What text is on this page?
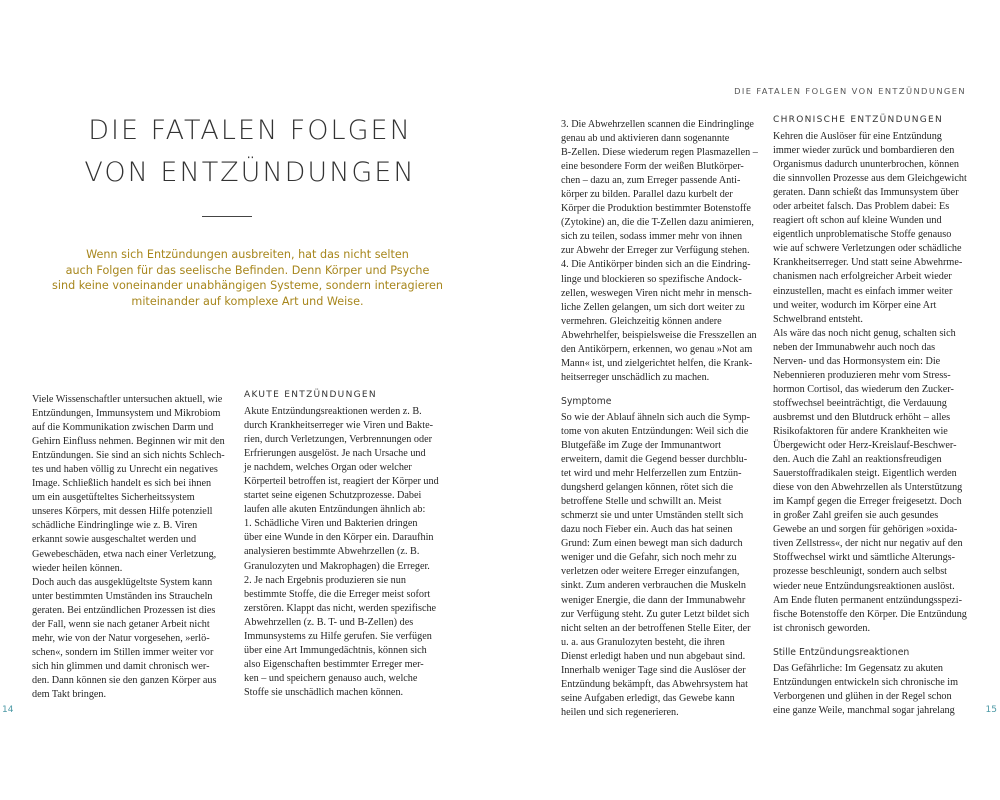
DIE FATALEN FOLGEN VON ENTZÜNDUNGEN
DIE FATALEN FOLGEN
VON ENTZÜNDUNGEN

Wenn sich Entzündungen ausbreiten, hat das nicht selten
auch Folgen für das seelische Befinden. Denn Körper und Psyche
sind keine voneinander unabhängigen Systeme, sondern interagieren
miteinander auf komplexe Art und Weise.

Viele Wissenschaftler untersuchen aktuell, wie
Entzündungen, Immunsystem und Mikrobiom
auf die Kommunikation zwischen Darm und
Gehirn Einfluss nehmen. Beginnen wir mit den
Entzündungen. Sie sind an sich nichts Schlech-
tes und haben völlig zu Unrecht ein negatives
Image. Schließlich handelt es sich bei ihnen
um ein ausgetüfteltes Sicherheitssystem
unseres Körpers, mit dessen Hilfe potenziell
schädliche Eindringlinge wie z. B. Viren
erkannt sowie ausgeschaltet werden und
Gewebeschäden, etwa nach einer Verletzung,
wieder heilen können.
Doch auch das ausgeklügeltste System kann
unter bestimmten Umständen ins Straucheln
geraten. Bei entzündlichen Prozessen ist dies
der Fall, wenn sie nach getaner Arbeit nicht
mehr, wie von der Natur vorgesehen, »erlö-
schen«, sondern im Stillen immer weiter vor
sich hin glimmen und damit chronisch wer-
den. Dann können sie den ganzen Körper aus
dem Takt bringen.

AKUTE ENTZÜNDUNGEN

Akute Entzündungsreaktionen werden z. B.
durch Krankheitserreger wie Viren und Bakte-
rien, durch Verletzungen, Verbrennungen oder
Erfrierungen ausgelöst. Je nach Ursache und
je nachdem, welches Organ oder welcher
Körperteil betroffen ist, reagiert der Körper und
startet seine eigenen Schutzprozesse. Dabei
laufen alle akuten Entzündungen ähnlich ab:
1. Schädliche Viren und Bakterien dringen
über eine Wunde in den Körper ein. Daraufhin
analysieren bestimmte Abwehrzellen (z. B.
Granulozyten und Makrophagen) die Erreger.
2. Je nach Ergebnis produzieren sie nun
bestimmte Stoffe, die die Erreger meist sofort
zerstören. Klappt das nicht, werden spezifische
Abwehrzellen (z. B. T- und B-Zellen) des
Immunsystems zu Hilfe gerufen. Sie verfügen
über eine Art Immungedächtnis, können sich
also Eigenschaften bestimmter Erreger mer-
ken – und speichern genauso auch, welche
Stoffe sie unschädlich machen können.

3. Die Abwehrzellen scannen die Eindringlinge
genau ab und aktivieren dann sogenannte
B-Zellen. Diese wiederum regen Plasmazellen –
eine besondere Form der weißen Blutkörper-
chen – dazu an, zum Erreger passende Anti-
körper zu bilden. Parallel dazu kurbelt der
Körper die Produktion bestimmter Botenstoffe
(Zytokine) an, die die T-Zellen dazu animieren,
sich zu teilen, sodass immer mehr von ihnen
zur Abwehr der Erreger zur Verfügung stehen.
4. Die Antikörper binden sich an die Eindring-
linge und blockieren so spezifische Andock-
zellen, weswegen Viren nicht mehr in mensch-
liche Zellen gelangen, um sich dort weiter zu
vermehren. Gleichzeitig können andere
Abwehrhelfer, beispielsweise die Fresszellen an
den Antikörpern, erkennen, wo genau »Not am
Mann« ist, und zielgerichtet helfen, die Krank-
heitserreger unschädlich zu machen.

Symptome

So wie der Ablauf ähneln sich auch die Symp-
tome von akuten Entzündungen: Weil sich die
Blutgefäße im Zuge der Immunantwort
erweitern, damit die Gegend besser durchblu-
tet wird und mehr Helferzellen zum Entzün-
dungsherd gelangen können, rötet sich die
betroffene Stelle und schwillt an. Meist
schmerzt sie und unter Umständen stellt sich
dazu noch Fieber ein. Auch das hat seinen
Grund: Zum einen bewegt man sich dadurch
weniger und die Gefahr, sich noch mehr zu
verletzen oder weitere Erreger einzufangen,
sinkt. Zum anderen verbrauchen die Muskeln
weniger Energie, die dann der Immunabwehr
zur Verfügung steht. Zu guter Letzt bildet sich
nicht selten an der betroffenen Stelle Eiter, der
u. a. aus Granulozyten besteht, die ihren
Dienst erledigt haben und nun abgebaut sind.
Innerhalb weniger Tage sind die Auslöser der
Entzündung bekämpft, das Abwehrsystem hat
seine Aufgaben erledigt, das Gewebe kann
heilen und sich regenerieren.

CHRONISCHE ENTZÜNDUNGEN

Kehren die Auslöser für eine Entzündung
immer wieder zurück und bombardieren den
Organismus dadurch ununterbrochen, können
die sinnvollen Prozesse aus dem Gleichgewicht
geraten. Dann schießt das Immunsystem über
oder arbeitet falsch. Das Problem dabei: Es
reagiert oft schon auf kleine Wunden und
eigentlich unproblematische Stoffe genauso
wie auf schwere Verletzungen oder schädliche
Krankheitserreger. Und statt seine Abwehrme-
chanismen nach erfolgreicher Arbeit wieder
einzustellen, macht es einfach immer weiter
und weiter, wodurch im Körper eine Art
Schwelbrand entsteht.
Als wäre das noch nicht genug, schalten sich
neben der Immunabwehr auch noch das
Nerven- und das Hormonsystem ein: Die
Nebennieren produzieren mehr vom Stress-
hormon Cortisol, das wiederum den Zucker-
stoffwechsel beeinträchtigt, die Verdauung
ausbremst und den Blutdruck erhöht – alles
Risikofaktoren für andere Krankheiten wie
Übergewicht oder Herz-Kreislauf-Beschwer-
den. Auch die Zahl an reaktionsfreudigen
Sauerstoffradikalen steigt. Eigentlich werden
diese von den Abwehrzellen als Unterstützung
im Kampf gegen die Erreger freigesetzt. Doch
in großer Zahl greifen sie auch gesundes
Gewebe an und sorgen für gehörigen »oxida-
tiven Zellstress«, der nicht nur negativ auf den
Stoffwechsel wirkt und sämtliche Alterungs-
prozesse beschleunigt, sondern auch selbst
wieder neue Entzündungsreaktionen auslöst.
Am Ende fluten permanent entzündungsspezi-
fische Botenstoffe den Körper. Die Entzündung
ist chronisch geworden.

Stille Entzündungsreaktionen

Das Gefährliche: Im Gegensatz zu akuten
Entzündungen entwickeln sich chronische im
Verborgenen und glühen in der Regel schon
eine ganze Weile, manchmal sogar jahrelang

14	15
